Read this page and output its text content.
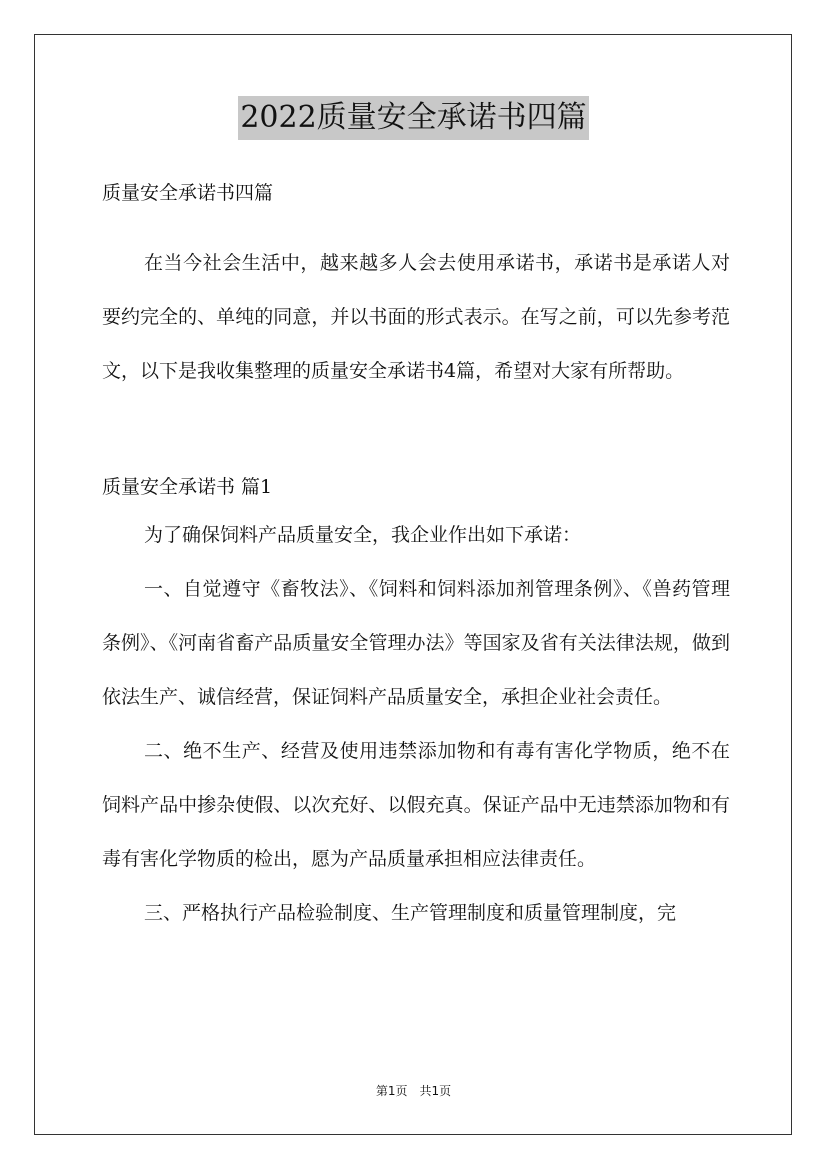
2022质量安全承诺书四篇

质量安全承诺书四篇

在当今社会生活中，越来越多人会去使用承诺书，承诺书是承诺人对要约完全的、单纯的同意，并以书面的形式表示。在写之前，可以先参考范文，以下是我收集整理的质量安全承诺书4篇，希望对大家有所帮助。

质量安全承诺书 篇1

为了确保饲料产品质量安全，我企业作出如下承诺：

一、自觉遵守《畜牧法》、《饲料和饲料添加剂管理条例》、《兽药管理条例》、《河南省畜产品质量安全管理办法》等国家及省有关法律法规，做到依法生产、诚信经营，保证饲料产品质量安全，承担企业社会责任。

二、绝不生产、经营及使用违禁添加物和有毒有害化学物质，绝不在饲料产品中掺杂使假、以次充好、以假充真。保证产品中无违禁添加物和有毒有害化学物质的检出，愿为产品质量承担相应法律责任。

三、严格执行产品检验制度、生产管理制度和质量管理制度，完

第1页　共1页
